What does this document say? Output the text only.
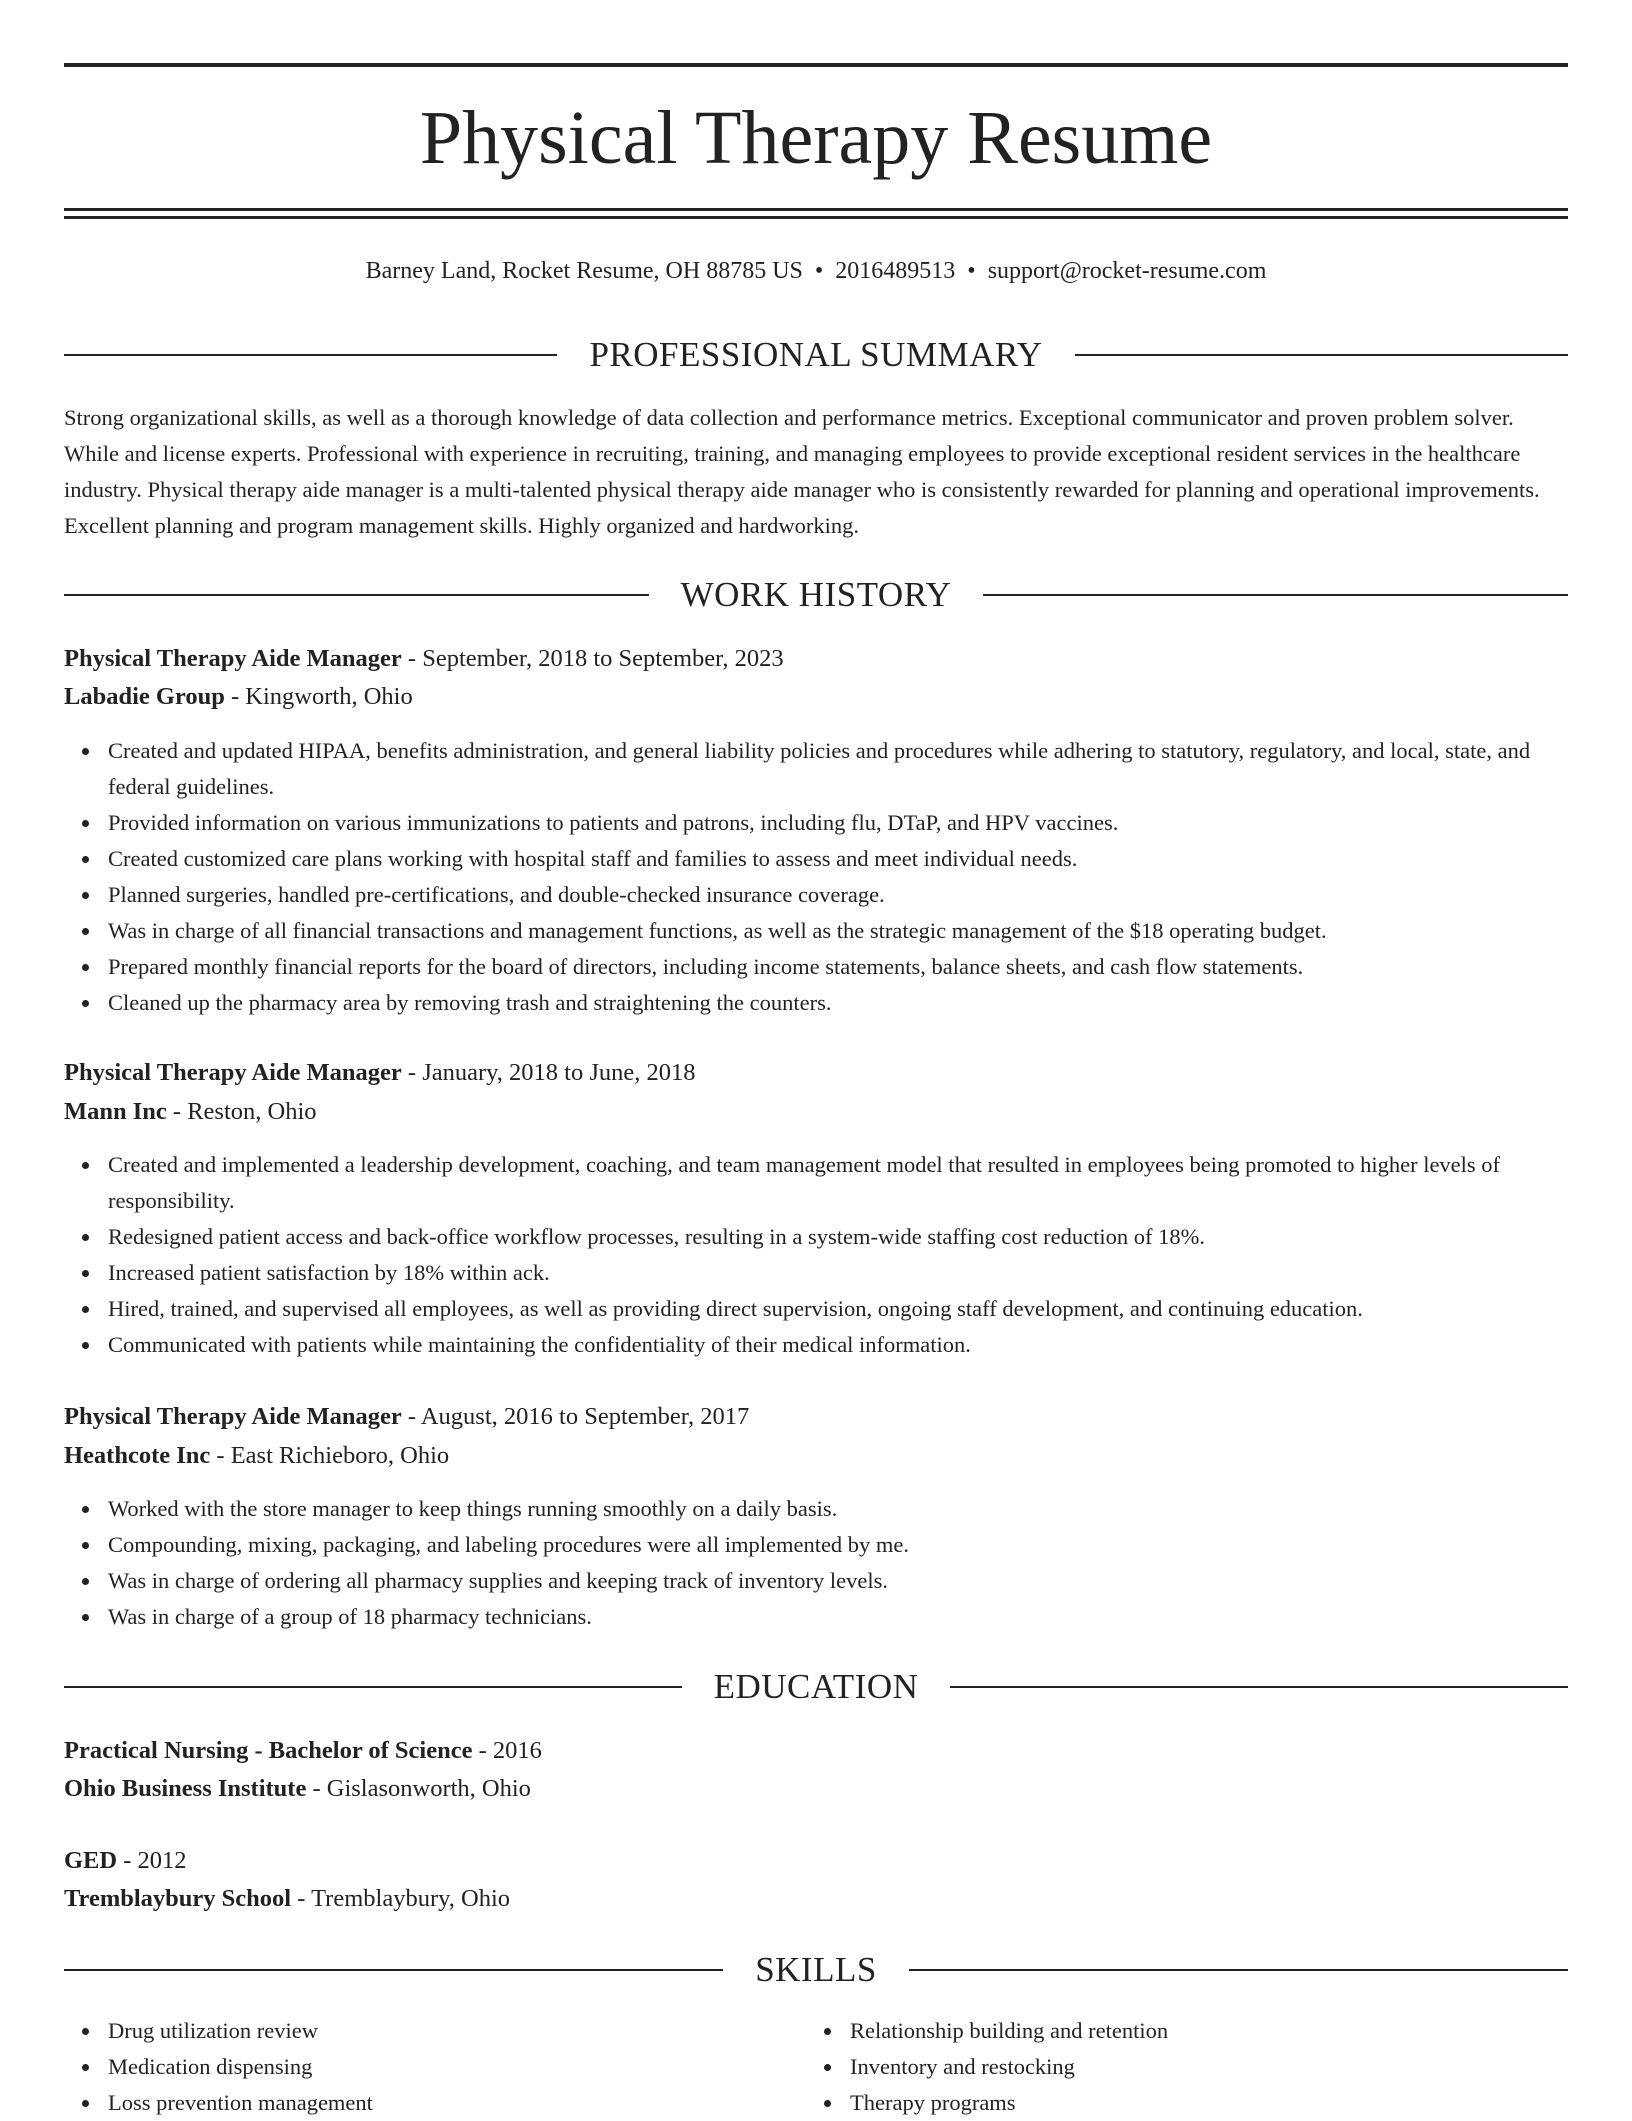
Physical Therapy Resume
Barney Land, Rocket Resume, OH 88785 US • 2016489513 • support@rocket-resume.com
PROFESSIONAL SUMMARY

Strong organizational skills, as well as a thorough knowledge of data collection and performance metrics. Exceptional communicator and proven problem solver. While and license experts. Professional with experience in recruiting, training, and managing employees to provide exceptional resident services in the healthcare industry. Physical therapy aide manager is a multi-talented physical therapy aide manager who is consistently rewarded for planning and operational improvements. Excellent planning and program management skills. Highly organized and hardworking.

WORK HISTORY
Physical Therapy Aide Manager - September, 2018 to September, 2023
Labadie Group - Kingworth, Ohio
Created and updated HIPAA, benefits administration, and general liability policies and procedures while adhering to statutory, regulatory, and local, state, and federal guidelines.
Provided information on various immunizations to patients and patrons, including flu, DTaP, and HPV vaccines.
Created customized care plans working with hospital staff and families to assess and meet individual needs.
Planned surgeries, handled pre-certifications, and double-checked insurance coverage.
Was in charge of all financial transactions and management functions, as well as the strategic management of the $18 operating budget.
Prepared monthly financial reports for the board of directors, including income statements, balance sheets, and cash flow statements.
Cleaned up the pharmacy area by removing trash and straightening the counters.
Physical Therapy Aide Manager - January, 2018 to June, 2018
Mann Inc - Reston, Ohio
Created and implemented a leadership development, coaching, and team management model that resulted in employees being promoted to higher levels of responsibility.
Redesigned patient access and back-office workflow processes, resulting in a system-wide staffing cost reduction of 18%.
Increased patient satisfaction by 18% within ack.
Hired, trained, and supervised all employees, as well as providing direct supervision, ongoing staff development, and continuing education.
Communicated with patients while maintaining the confidentiality of their medical information.
Physical Therapy Aide Manager - August, 2016 to September, 2017
Heathcote Inc - East Richieboro, Ohio
Worked with the store manager to keep things running smoothly on a daily basis.
Compounding, mixing, packaging, and labeling procedures were all implemented by me.
Was in charge of ordering all pharmacy supplies and keeping track of inventory levels.
Was in charge of a group of 18 pharmacy technicians.
EDUCATION
Practical Nursing - Bachelor of Science - 2016
Ohio Business Institute - Gislasonworth, Ohio
GED - 2012
Tremblaybury School - Tremblaybury, Ohio
SKILLS
Drug utilization review
Medication dispensing
Loss prevention management
Relationship building and retention
Inventory and restocking
Therapy programs
